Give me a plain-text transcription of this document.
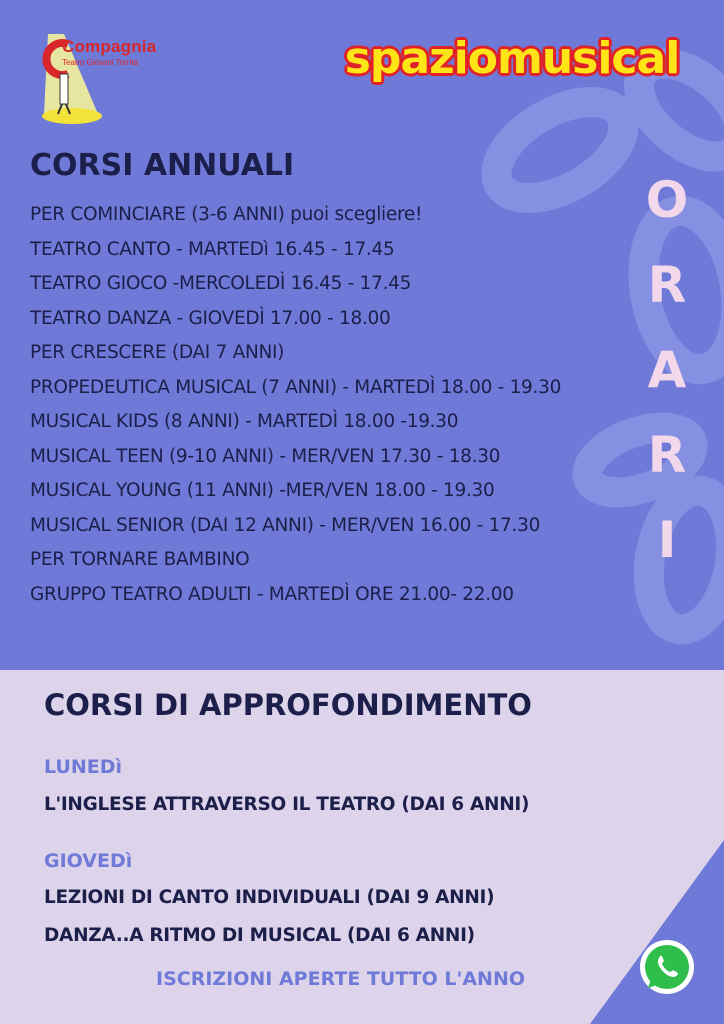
Compagnia
Teatro Giovani Torrita	spaziomusical
CORSI ANNUALI
PER COMINCIARE (3-6 ANNI) puoi scegliere!
TEATRO CANTO - MARTEDì 16.45 - 17.45
TEATRO GIOCO -MERCOLEDÌ 16.45 - 17.45
TEATRO DANZA - GIOVEDÌ 17.00 - 18.00
PER CRESCERE (DAI 7 ANNI)
PROPEDEUTICA MUSICAL (7 ANNI) - MARTEDÌ 18.00 - 19.30
MUSICAL KIDS (8 ANNI) - MARTEDÌ 18.00 -19.30
MUSICAL TEEN (9-10 ANNI) - MER/VEN 17.30 - 18.30
MUSICAL YOUNG (11 ANNI) -MER/VEN 18.00 - 19.30
MUSICAL SENIOR (DAI 12 ANNI) - MER/VEN 16.00 - 17.30
PER TORNARE BAMBINO
GRUPPO TEATRO ADULTI - MARTEDÌ ORE 21.00- 22.00
O
R
A
R
I
CORSI DI APPROFONDIMENTO
LUNEDì
L'INGLESE ATTRAVERSO IL TEATRO (DAI 6 ANNI)
GIOVEDì
LEZIONI DI CANTO INDIVIDUALI (DAI 9 ANNI)
DANZA..A RITMO DI MUSICAL (DAI 6 ANNI)
ISCRIZIONI APERTE TUTTO L'ANNO
